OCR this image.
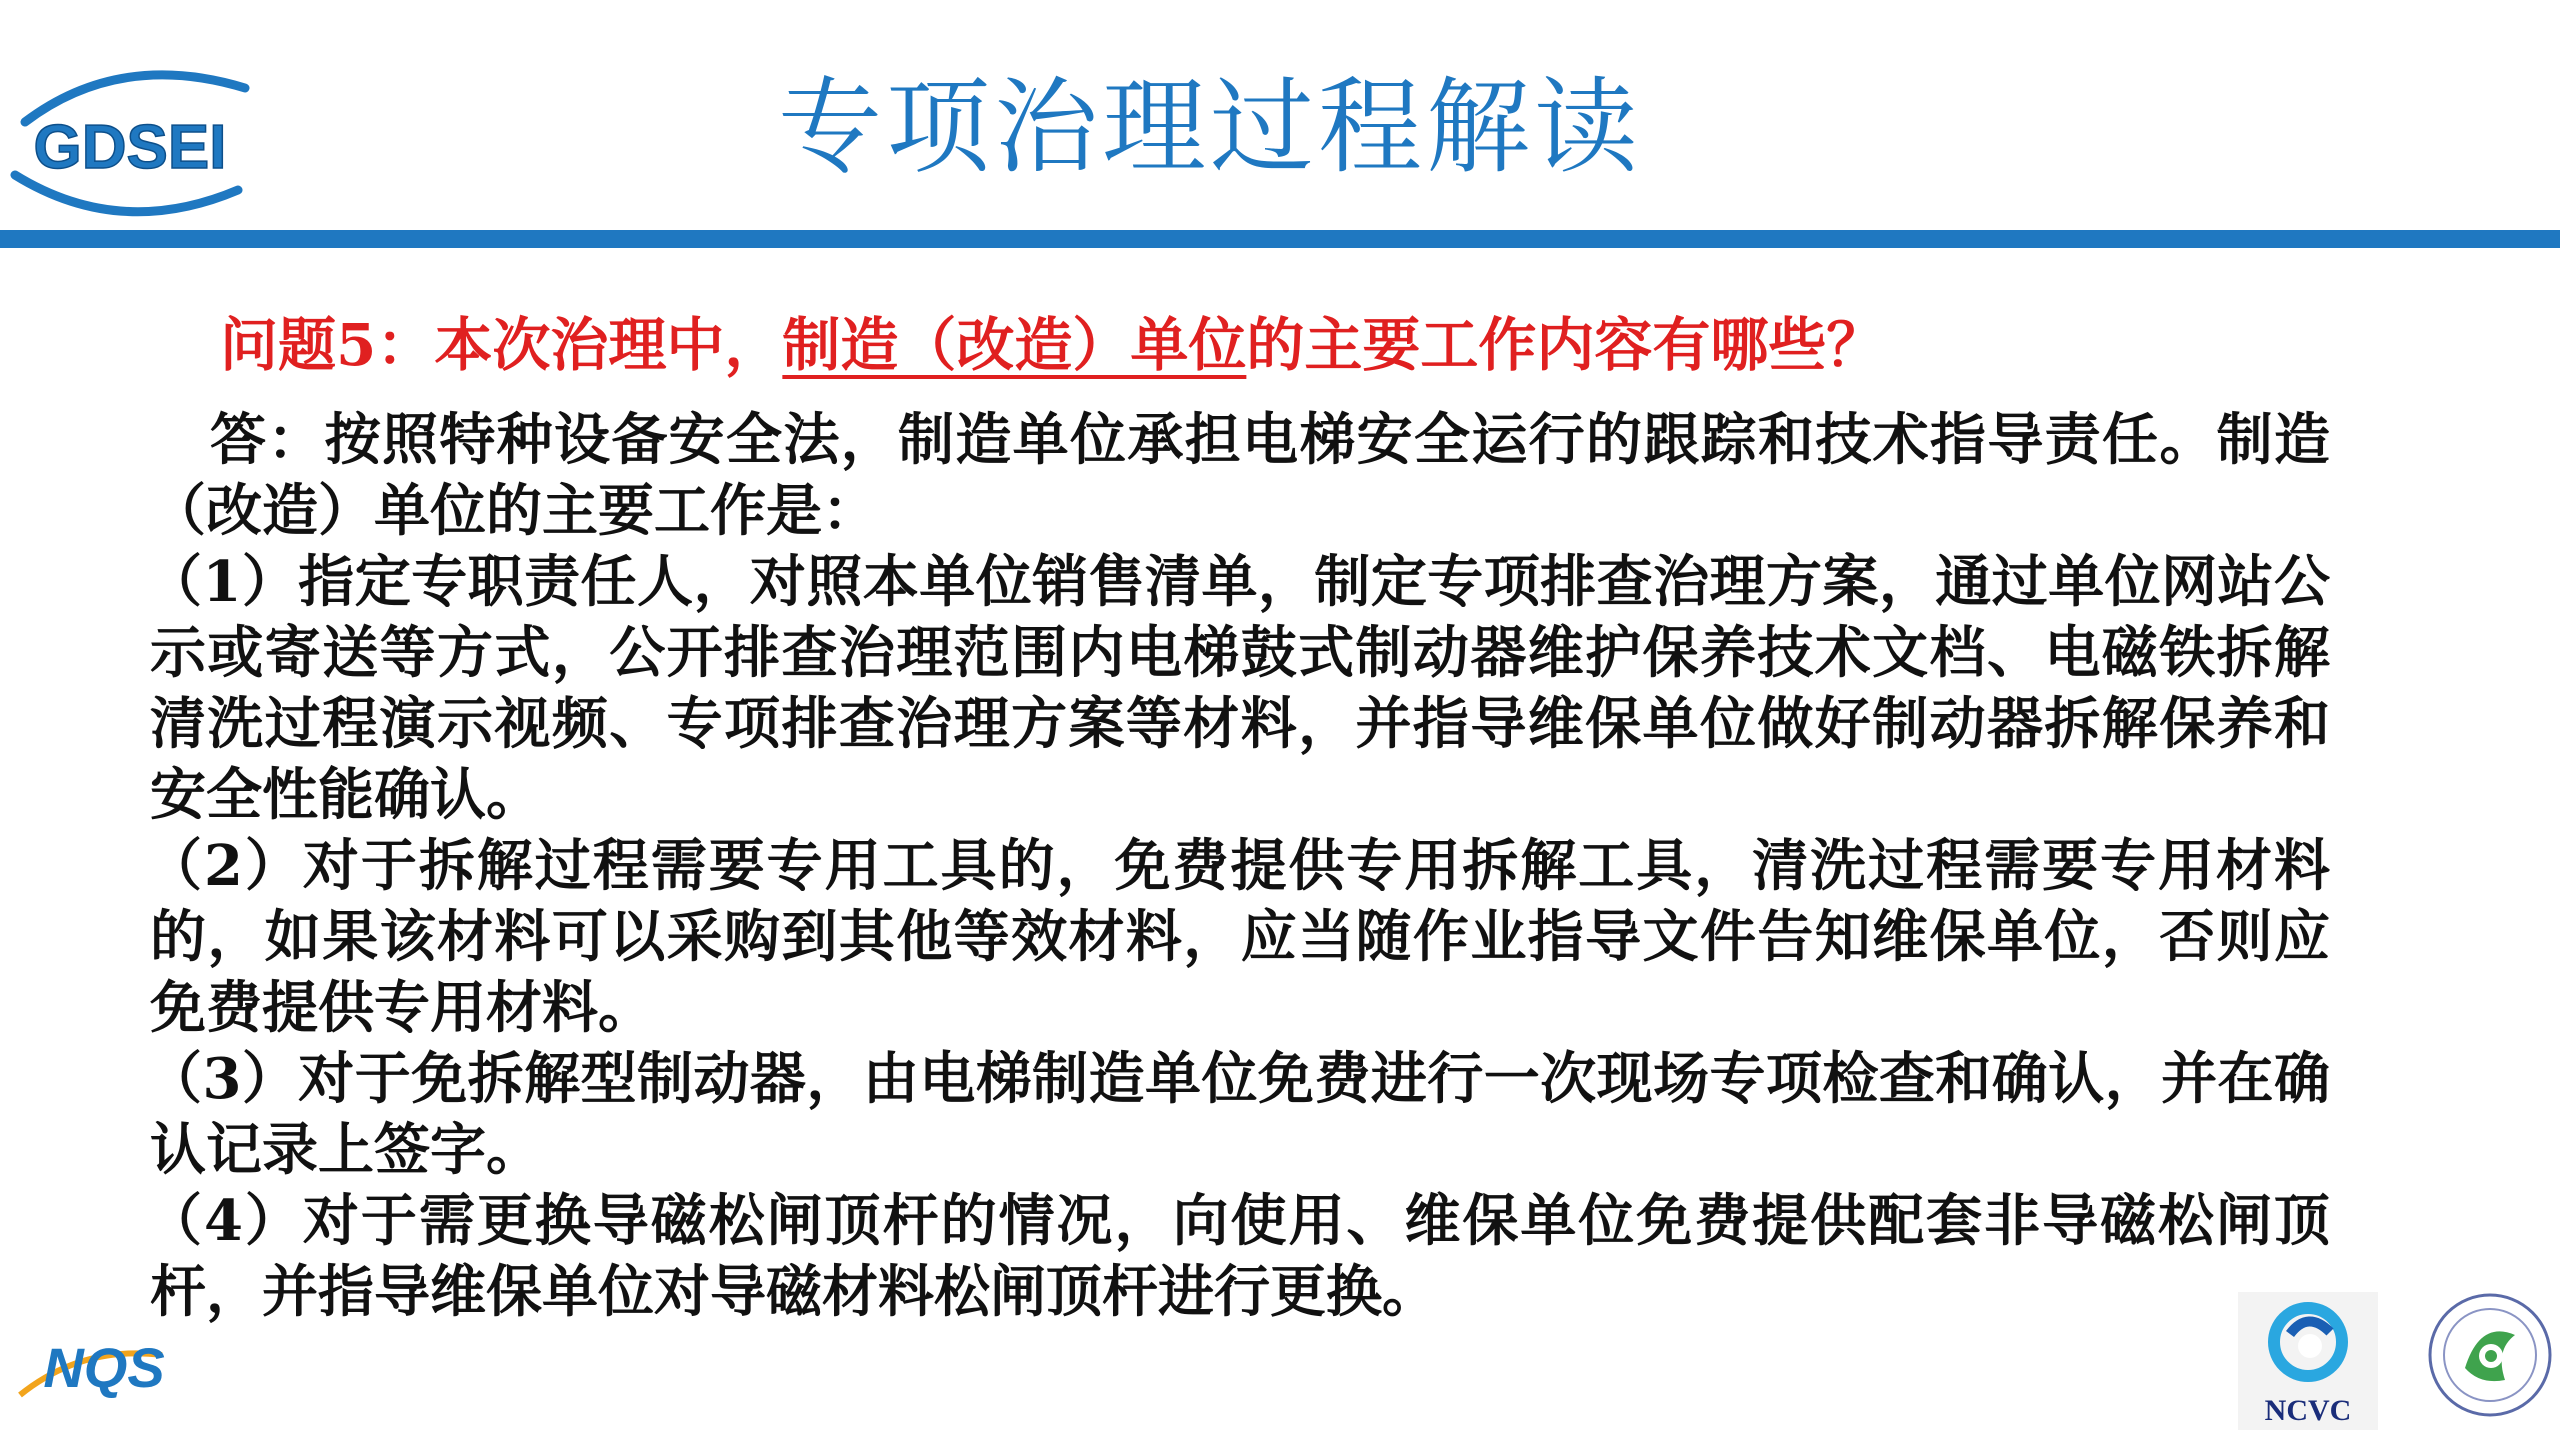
GDSEI	专项治理过程解读
问题5：本次治理中，制造（改造）单位的主要工作内容有哪些？

答：按照特种设备安全法，制造单位承担电梯安全运行的跟踪和技术指导责任。制造（改造）单位的主要工作是：

（1）指定专职责任人，对照本单位销售清单，制定专项排查治理方案，通过单位网站公示或寄送等方式，公开排查治理范围内电梯鼓式制动器维护保养技术文档、电磁铁拆解清洗过程演示视频、专项排查治理方案等材料，并指导维保单位做好制动器拆解保养和安全性能确认。

（2）对于拆解过程需要专用工具的，免费提供专用拆解工具，清洗过程需要专用材料的，如果该材料可以采购到其他等效材料，应当随作业指导文件告知维保单位，否则应免费提供专用材料。

（3）对于免拆解型制动器，由电梯制造单位免费进行一次现场专项检查和确认，并在确认记录上签字。

（4）对于需更换导磁松闸顶杆的情况，向使用、维保单位免费提供配套非导磁松闸顶杆，并指导维保单位对导磁材料松闸顶杆进行更换。

NQS
NCVC
